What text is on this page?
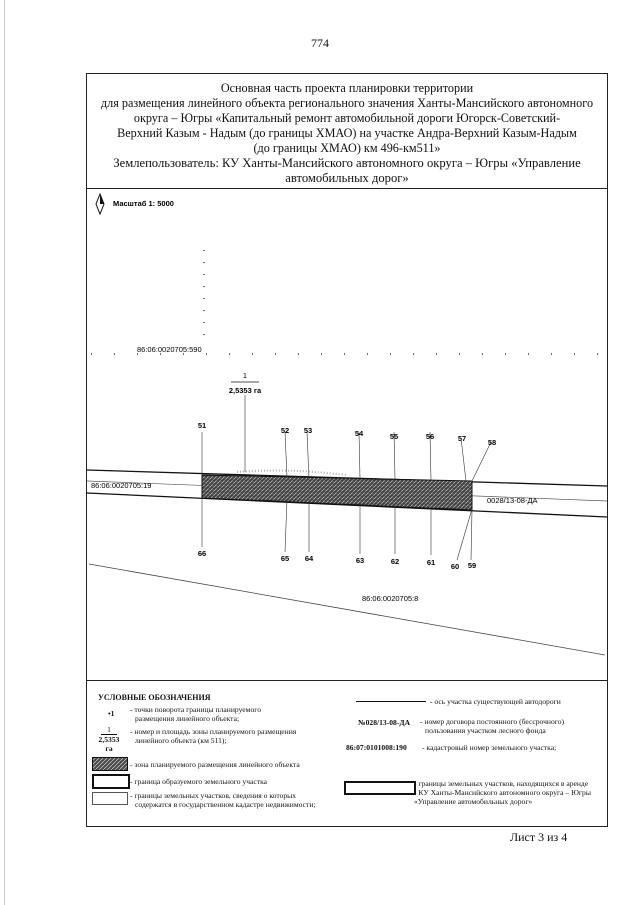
774
Основная часть проекта планировки территории
для размещения линейного объекта регионального значения Ханты-Мансийского автономного
округа – Югры «Капитальный ремонт автомобильной дороги Югорск-Советский-
Верхний Казым - Надым (до границы ХМАО) на участке Андра-Верхний Казым-Надым
(до границы ХМАО) км 496-км511»
Землепользователь: КУ Ханты-Мансийского автономного округа – Югры «Управление
автомобильных дорог»
Масштаб 1: 5000
86:06:0020705:590
86:06:0020705:8
86:06:0020705:19
0028/13-08-ДА
1
2,5353 га
51
52 53	54	55	56	57	58
66
65 64	63	62	61 60 59
УСЛОВНЫЕ ОБОЗНАЧЕНИЯ
•1 - точки поворота границы планируемого
размещения линейного объекта;
1
2,5353 га
- номер и площадь зоны планируемого размещения
линейного объекта (км 511);
- зона планируемого размещения линейного объекта
- граница образуемого земельного участка
- границы земельных участков, сведения о которых
содержатся в государственном кадастре недвижимости;
- ось участка существующей автодороги
№028/13-08-ДА - номер договора постоянного (бессрочного)
пользования участком лесного фонда
86:07:0101008:190 - кадастровый номер земельного участка;
- границы земельных участков, находящихся в аренде
- КУ Ханты-Мансийского автономного округа – Югры
«Управление автомобильных дорог»
Лист 3 из 4
